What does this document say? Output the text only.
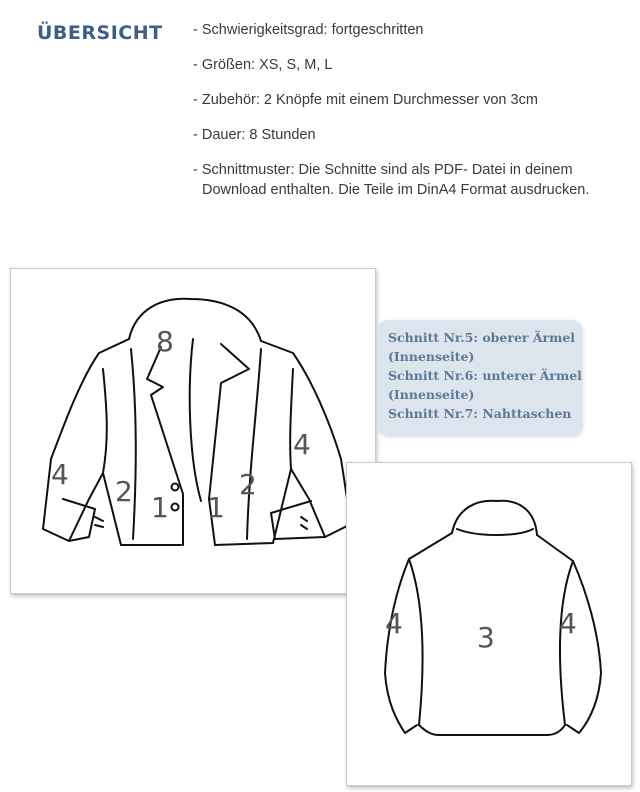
ÜBERSICHT - Schwierigkeitsgrad: fortgeschritten

- Größen: XS, S, M, L

- Zubehör: 2 Knöpfe mit einem Durchmesser von 3cm

- Dauer: 8 Stunden

- Schnittmuster: Die Schnitte sind als PDF- Datei in deinem Download enthalten. Die Teile im DinA4 Format ausdrucken.

8
4
4
2	2
1 1
Schnitt Nr.5: oberer Ärmel
(Innenseite)
Schnitt Nr.6: unterer Ärmel
(Innenseite)
Schnitt Nr.7: Nahttaschen
4	3 4
